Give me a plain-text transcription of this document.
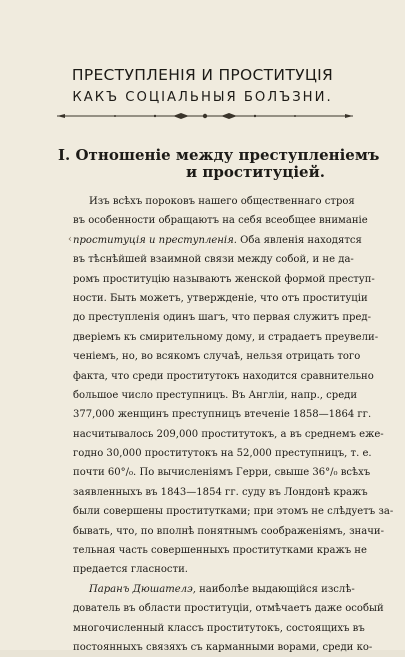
ПРЕСТУПЛЕНІЯ И ПРОСТИТУЦІЯ
КАКЪ СОЦІАЛЬНЫЯ БОЛЪЗНИ.
I. Отношеніе между преступленіемъ
и проституціей.
‹
Изъ всѣхъ пороковъ нашего общественнаго строя
въ особенности обращаютъ на себя всеобщее вниманіе
проституція и преступленія. Оба явленія находятся
въ тѣснѣйшей взаимной связи между собой, и не да-
ромъ проституцію называютъ женской формой преступ-
ности. Быть можетъ, утвержденіе, что отъ проституціи
до преступленія одинъ шагъ, что первая служитъ пред-
дверіемъ къ смирительному дому, и страдаетъ преувели-
ченіемъ, но, во всякомъ случаѣ, нельзя отрицать того
факта, что среди проститутокъ находится сравнительно
большое число преступницъ. Въ Англіи, напр., среди
377,000 женщинъ преступницъ втеченіе 1858—1864 гг.
насчитывалось 209,000 проститутокъ, а въ среднемъ еже-
годно 30,000 проститутокъ на 52,000 преступницъ, т. е.
почти 60°/₀. По вычисленіямъ Герри, свыше 36°/₀ всѣхъ
заявленныхъ въ 1843—1854 гг. суду въ Лондонѣ кражъ
были совершены проститутками; при этомъ не слѣдуетъ за-
бывать, что, по вполнѣ понятнымъ соображеніямъ, значи-
тельная часть совершенныхъ проститутками кражъ не
предается гласности.
Паранъ Дюшателэ, наиболѣе выдающійся изслѣ-
дователь въ области проституціи, отмѣчаетъ даже особый
многочисленный классъ проститутокъ, состоящихъ въ
постоянныхъ связяхъ съ карманными ворами, среди ко-
